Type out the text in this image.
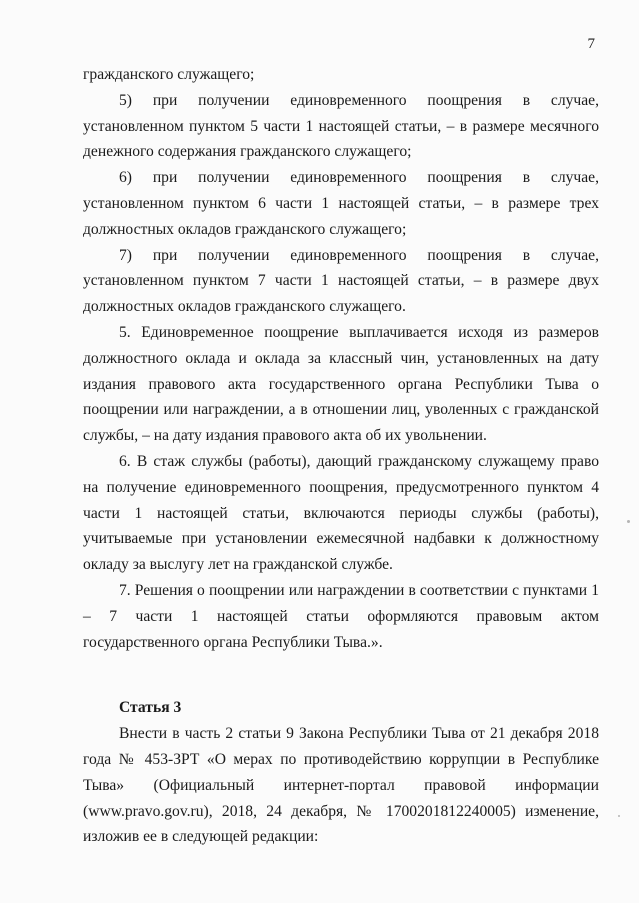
7

гражданского служащего;

5) при получении единовременного поощрения в случае, установленном пунктом 5 части 1 настоящей статьи, – в размере месячного денежного содержания гражданского служащего;

6) при получении единовременного поощрения в случае, установленном пунктом 6 части 1 настоящей статьи, – в размере трех должностных окладов гражданского служащего;

7) при получении единовременного поощрения в случае, установленном пунктом 7 части 1 настоящей статьи, – в размере двух должностных окладов гражданского служащего.

5. Единовременное поощрение выплачивается исходя из размеров должностного оклада и оклада за классный чин, установленных на дату издания правового акта государственного органа Республики Тыва о поощрении или награждении, а в отношении лиц, уволенных с гражданской службы, – на дату издания правового акта об их увольнении.

6. В стаж службы (работы), дающий гражданскому служащему право на получение единовременного поощрения, предусмотренного пунктом 4 части 1 настоящей статьи, включаются периоды службы (работы), учитываемые при установлении ежемесячной надбавки к должностному окладу за выслугу лет на гражданской службе.

7. Решения о поощрении или награждении в соответствии с пунктами 1 – 7 части 1 настоящей статьи оформляются правовым актом государственного органа Республики Тыва.».

Статья 3

Внести в часть 2 статьи 9 Закона Республики Тыва от 21 декабря 2018 года № 453-ЗРТ «О мерах по противодействию коррупции в Республике Тыва» (Официальный интернет-портал правовой информации (www.pravo.gov.ru), 2018, 24 декабря, № 1700201812240005) изменение, изложив ее в следующей редакции:
